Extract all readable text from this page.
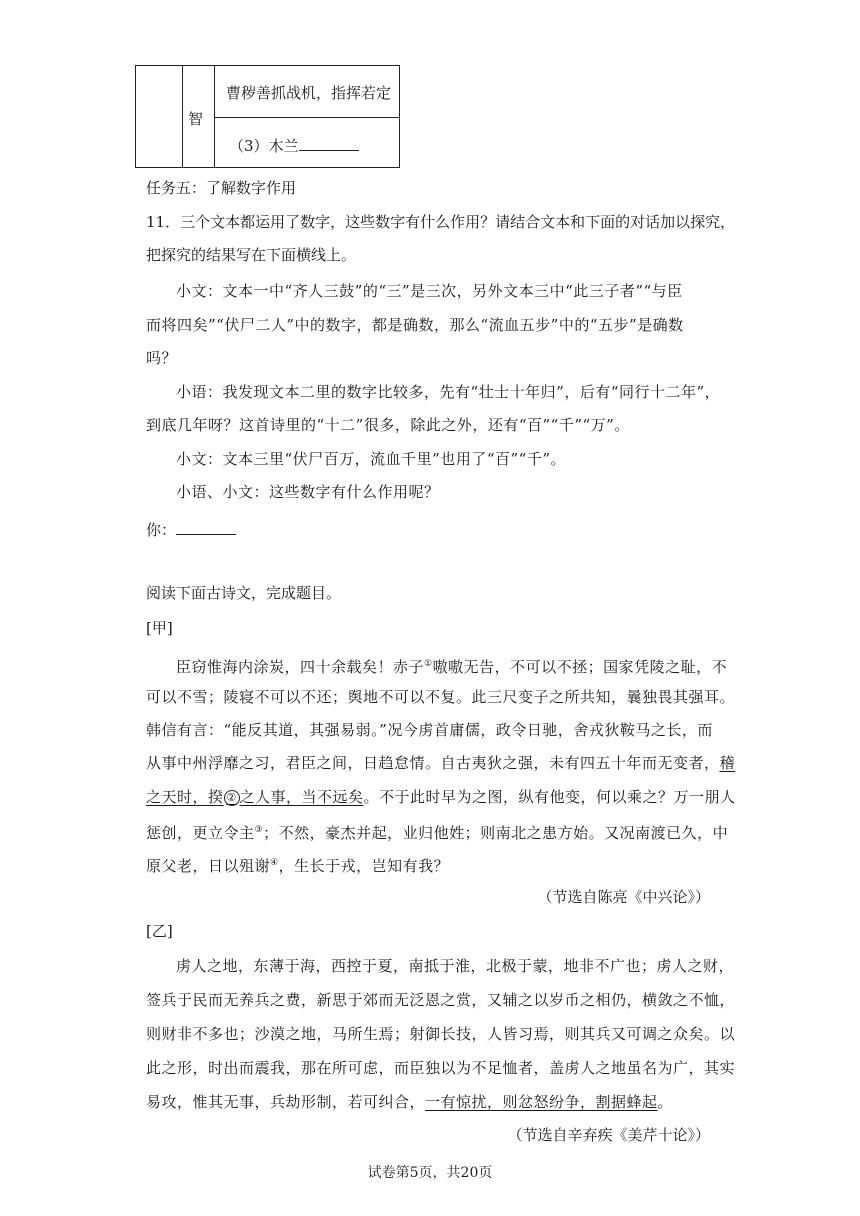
智
曹秽善抓战机，指挥若定
（3）木兰
任务五：了解数字作用
11．三个文本都运用了数字，这些数字有什么作用？请结合文本和下面的对话加以探究，
把探究的结果写在下面横线上。
小文：文本一中“齐人三鼓”的“三”是三次，另外文本三中“此三子者”“与臣
而将四矣”“伏尸二人”中的数字，都是确数，那么“流血五步”中的“五步”是确数
吗？
小语：我发现文本二里的数字比较多，先有“壮士十年归”，后有“同行十二年”，
到底几年呀？这首诗里的“十二”很多，除此之外，还有“百”“千”“万”。
小文：文本三里“伏尸百万，流血千里”也用了“百”“千”。
小语、小文：这些数字有什么作用呢？
你：
阅读下面古诗文，完成题目。
[甲]
臣窃惟海内涂炭，四十余载矣！赤子①嗷嗷无告，不可以不拯；国家凭陵之耻，不
可以不雪；陵寝不可以不还；舆地不可以不复。此三尺变子之所共知，曩独畏其强耳。
韩信有言：“能反其道，其强易弱。”况今虏首庸儒，政令日驰，舍戎狄鞍马之长，而
从事中州浮靡之习，君臣之间，日趋怠情。自古夷狄之强，未有四五十年而无变者，稽
之天时，揆 ② 之人事，当不远矣。不于此时早为之图，纵有他变，何以乘之？万一朋人
惩创，更立令主③；不然，豪杰并起，业归他姓；则南北之患方始。又况南渡已久，中
原父老，日以殂谢④，生长于戎，岂知有我？
（节选自陈亮《中兴论》）
[乙]
虏人之地，东薄于海，西控于夏，南抵于淮，北极于蒙，地非不广也；虏人之财，
签兵于民而无养兵之费，新思于郊而无泛恩之赏，又辅之以岁币之相仍，横敛之不恤，
则财非不多也；沙漠之地，马所生焉；射御长技，人皆习焉，则其兵又可调之众矣。以
此之形，时出而震我，那在所可虑，而臣独以为不足恤者，盖虏人之地虽名为广，其实
易攻，惟其无事，兵劫形制，若可纠合，一有惊扰，则忿怒纷争，割据蜂起。
（节选自辛弃疾《美芹十论》）
试卷第5页，共20页
